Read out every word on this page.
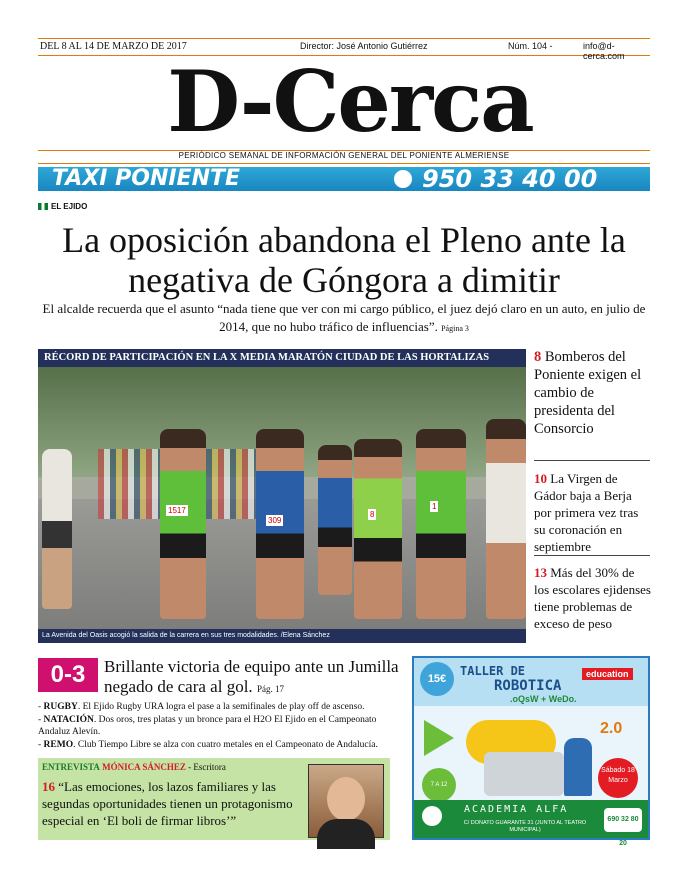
DEL 8 AL 14 DE MARZO DE 2017	Director: José Antonio Gutiérrez	Núm. 104 -	info@d-cerca.com
D-Cerca
PERIÓDICO SEMANAL DE INFORMACIÓN GENERAL DEL PONIENTE ALMERIENSE
TAXI PONIENTE	950 33 40 00
EL EJIDO
La oposición abandona el Pleno ante la negativa de Góngora a dimitir
El alcalde recuerda que el asunto “nada tiene que ver con mi cargo público, el juez dejó claro en un auto, en julio de 2014, que no hubo tráfico de influencias”. Página 3
RÉCORD DE PARTICIPACIÓN EN LA X MEDIA MARATÓN CIUDAD DE LAS HORTALIZAS
1517
309
8
1
La Avenida del Oasis acogió la salida de la carrera en sus tres modalidades. /Elena Sánchez
8 Bomberos del Poniente exigen el cambio de presidenta del Consorcio
10 La Virgen de Gádor baja a Berja por primera vez tras su coronación en septiembre
13 Más del 30% de los escolares ejidenses tiene problemas de exceso de peso
0-3	Brillante victoria de equipo ante un Jumilla negado de cara al gol. Pág. 17
- RUGBY. El Ejido Rugby URA logra el pase a la semifinales de play off de ascenso.
- NATACIÓN. Dos oros, tres platas y un bronce para el H2O El Ejido en el Campeonato Andaluz Alevín.
- REMO. Club Tiempo Libre se alza con cuatro metales en el Campeonato de Andalucía.
ENTREVISTA MÓNICA SÁNCHEZ - Escritora
16 “Las emociones, los lazos familiares y las segundas oportunidades tienen un protagonismo especial en ‘El boli de firmar libros’”
15€
TALLER DE
ROBOTICA
.oQsW + WeDo.
education
2.0
7 A 12
Sábado 18 Marzo
ACADEMIA ALFA
C/ DONATO GUARANTE 31 (JUNTO AL TEATRO MUNICIPAL)
690 32 80 20
